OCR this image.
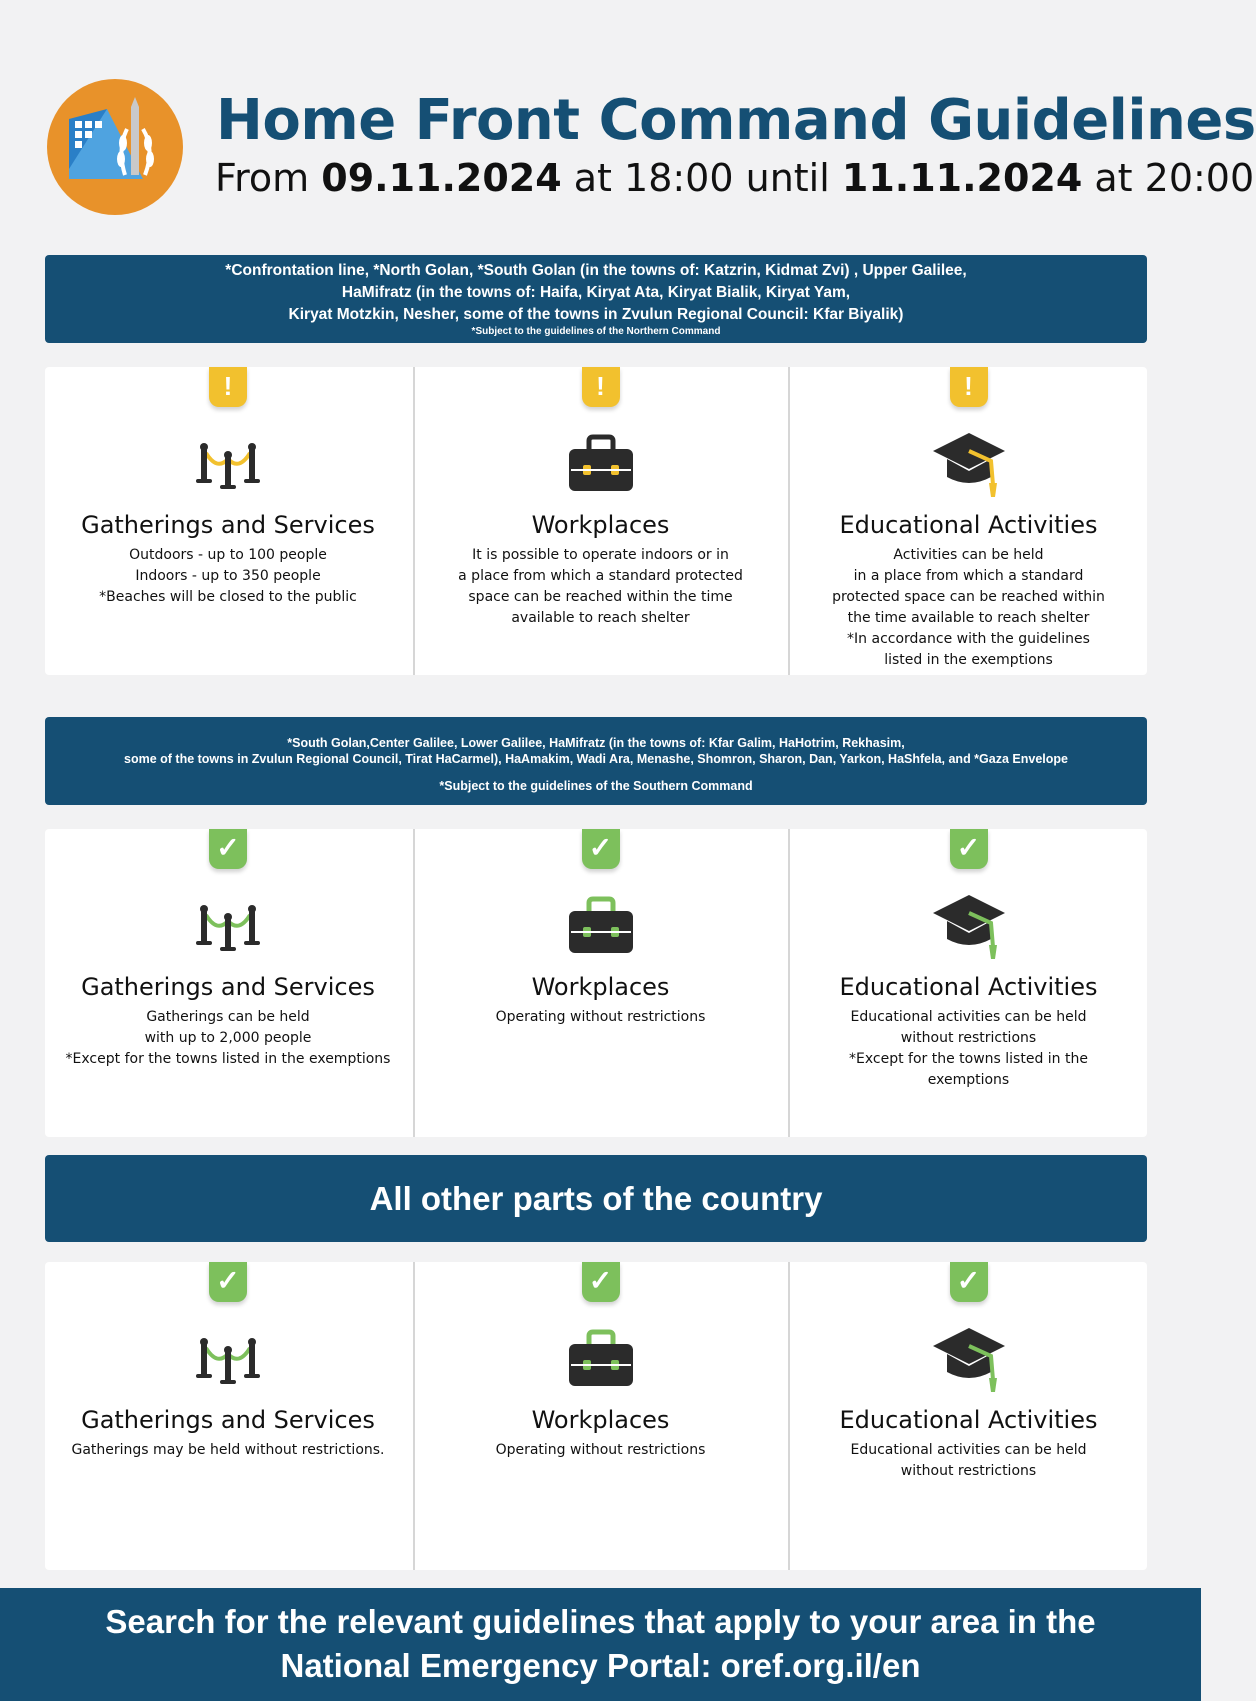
Home Front Command Guidelines
From 09.11.2024 at 18:00 until 11.11.2024 at 20:00
*Confrontation line, *North Golan, *South Golan (in the towns of: Katzrin, Kidmat Zvi) , Upper Galilee,
HaMifratz (in the towns of: Haifa, Kiryat Ata, Kiryat Bialik, Kiryat Yam,
Kiryat Motzkin, Nesher, some of the towns in Zvulun Regional Council: Kfar Biyalik)
*Subject to the guidelines of the Northern Command
!
Gatherings and Services
Outdoors - up to 100 people
Indoors - up to 350 people
*Beaches will be closed to the public
!
Workplaces
It is possible to operate indoors or in
a place from which a standard protected
space can be reached within the time
available to reach shelter
!
Educational Activities
Activities can be held
in a place from which a standard
protected space can be reached within
the time available to reach shelter
*In accordance with the guidelines
listed in the exemptions
*South Golan,Center Galilee, Lower Galilee, HaMifratz (in the towns of: Kfar Galim, HaHotrim, Rekhasim,
some of the towns in Zvulun Regional Council, Tirat HaCarmel), HaAmakim, Wadi Ara, Menashe, Shomron, Sharon, Dan, Yarkon, HaShfela, and *Gaza Envelope
*Subject to the guidelines of the Southern Command
✓
Gatherings and Services
Gatherings can be held
with up to 2,000 people
*Except for the towns listed in the exemptions
✓
Workplaces
Operating without restrictions
✓
Educational Activities
Educational activities can be held
without restrictions
*Except for the towns listed in the
exemptions
All other parts of the country
✓
Gatherings and Services
Gatherings may be held without restrictions.
✓
Workplaces
Operating without restrictions
✓
Educational Activities
Educational activities can be held
without restrictions
Search for the relevant guidelines that apply to your area in the
National Emergency Portal: oref.org.il/en
